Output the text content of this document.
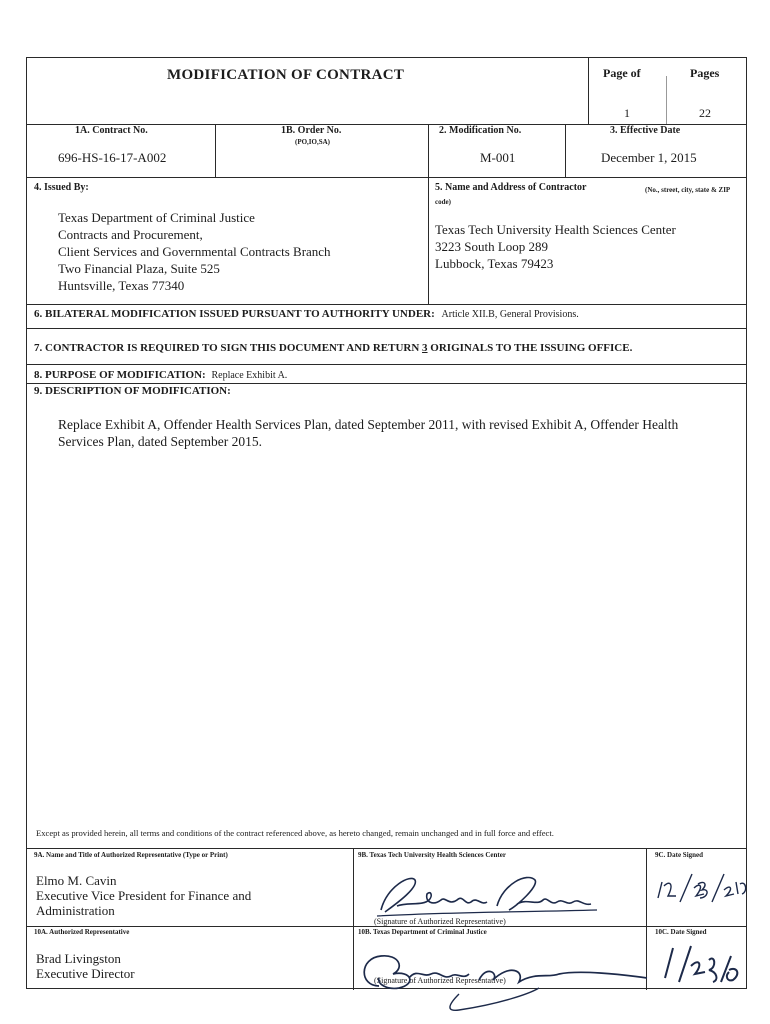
MODIFICATION OF CONTRACT	Page of	Pages
1	22
1A. Contract No.
696-HS-16-17-A002
1B. Order No.
(PO,IO,SA)
2. Modification No.
M-001
3. Effective Date
December 1, 2015
4. Issued By:
Texas Department of Criminal Justice
Contracts and Procurement,
Client Services and Governmental Contracts Branch
Two Financial Plaza, Suite 525
Huntsville, Texas 77340
5. Name and Address of Contractor	(No., street, city, state & ZIP code)
Texas Tech University Health Sciences Center
3223 South Loop 289
Lubbock, Texas 79423
6. BILATERAL MODIFICATION ISSUED PURSUANT TO AUTHORITY UNDER: Article XII.B, General Provisions.
7. CONTRACTOR IS REQUIRED TO SIGN THIS DOCUMENT AND RETURN 3 ORIGINALS TO THE ISSUING OFFICE.
8. PURPOSE OF MODIFICATION: Replace Exhibit A.
9. DESCRIPTION OF MODIFICATION:
Replace Exhibit A, Offender Health Services Plan, dated September 2011, with revised Exhibit A, Offender Health Services Plan, dated September 2015.
Except as provided herein, all terms and conditions of the contract referenced above, as hereto changed, remain unchanged and in full force and effect.
9A. Name and Title of Authorized Representative (Type or Print)
Elmo M. Cavin
Executive Vice President for Finance and
Administration
9B. Texas Tech University Health Sciences Center
(Signature of Authorized Representative)
9C. Date Signed
10A. Authorized Representative
Brad Livingston
Executive Director
10B. Texas Department of Criminal Justice
(Signature of Authorized Representative)
10C. Date Signed
